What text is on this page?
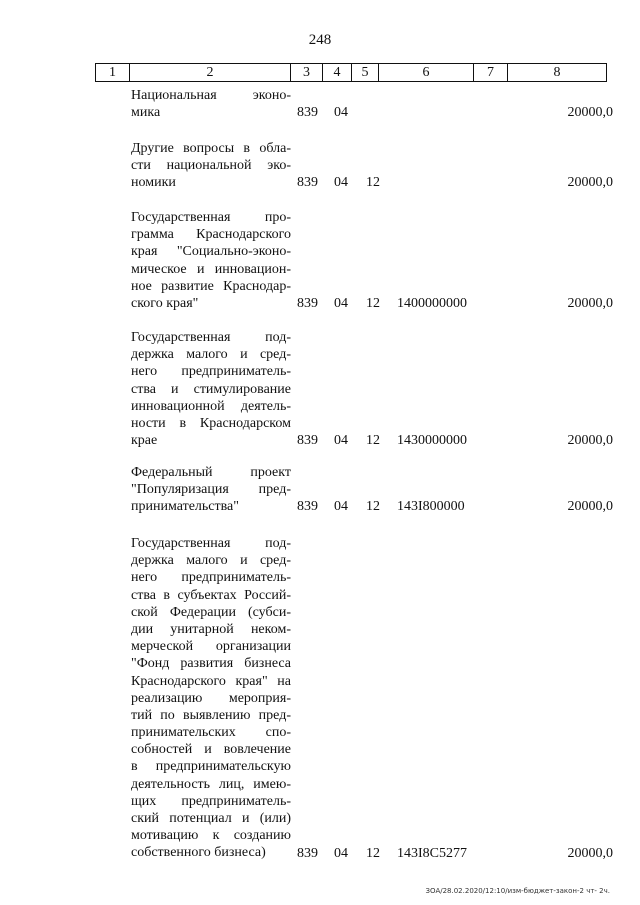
248
1	2	3	4	5	6	7	8
Национальная эконо-
мика	839 04	20000,0
Другие вопросы в обла-
сти национальной эко-
номики	839 04 12	20000,0
Государственная про-
грамма Краснодарского
края "Социально-эконо-
мическое и инновацион-
ное развитие Краснодар-
ского края"	839 04 12 1400000000	20000,0
Государственная под-
держка малого и сред-
него предприниматель-
ства и стимулирование
инновационной деятель-
ности в Краснодарском
крае	839 04 12 1430000000	20000,0
Федеральный проект
"Популяризация пред-
принимательства"	839 04 12 143I800000	20000,0
Государственная под-
держка малого и сред-
него предприниматель-
ства в субъектах Россий-
ской Федерации (субси-
дии унитарной неком-
мерческой организации
"Фонд развития бизнеса
Краснодарского края" на
реализацию мероприя-
тий по выявлению пред-
принимательских спо-
собностей и вовлечение
в предпринимательскую
деятельность лиц, имею-
щих предприниматель-
ский потенциал и (или)
мотивацию к созданию
собственного бизнеса)	839 04 12 143I8C5277	20000,0
ЗОА/28.02.2020/12:10/изм-бюджет-закон-2 чт- 2ч.
